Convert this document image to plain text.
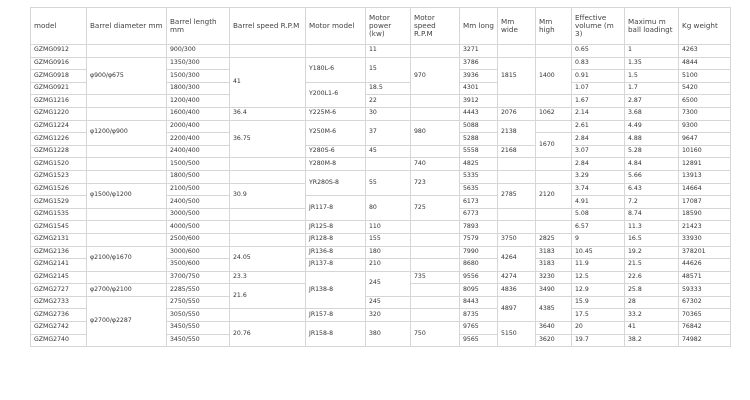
model	Barrel diameter mm	Barrel length mm	Barrel speed R.P.M	Motor model	Motor power (kw)	Motor speed R.P.M	Mm long	Mm wide	Mm high	Effective volume (m 3)	Maximu m ball loadingt	Kg weight
GZMG0912		900/300			11		3271			0.65	1	4263
GZMG0916	φ900/φ675	1350/300	41	Y180L-6	15	970	3786	1815	1400	0.83	1.35	4844
GZMG0918		1500/300					3936			0.91	1.5	5100
GZMG0921		1800/300		Y200L1-6	18.5		4301			1.07	1.7	5420
GZMG1216		1200/400			22		3912			1.67	2.87	6500
GZMG1220		1600/400	36.4	Y225M-6	30		4443	2076	1062	2.14	3.68	7300
GZMG1224	φ1200/φ900	2000/400	36.75	Y250M-6	37	980	5088	2138		2.61	4.49	9300
GZMG1226		2200/400					5288		1670	2.84	4.88	9647
GZMG1228		2400/400		Y280S-6	45		5558	2168		3.07	5.28	10160
GZMG1520		1500/500		Y280M-8		740	4825			2.84	4.84	12891
GZMG1523		1800/500		YR280S-8	55	723	5335			3.29	5.66	13913
GZMG1526	φ1500/φ1200	2100/500	30.9				5635	2785	2120	3.74	6.43	14664
GZMG1529		2400/500		JR117-8	80	725	6173			4.91	7.2	17087
GZMG1535		3000/500					6773			5.08	8.74	18590
GZMG1545		4000/500		JR125-8	110		7893			6.57	11.3	21423
GZMG2131		2500/600		JR128-8	155		7579	3750	2825	9	16.5	33930
GZMG2136	φ2100/φ1670	3000/600	24.05	JR136-8	180		7990	4264	3183	10.45	19.2	378201
GZMG2141		3500/600		JR137-8	210		8680		3183	11.9	21.5	44626
GZMG2145		3700/750	23.3	JR138-8	245	735	9556	4274	3230	12.5	22.6	48571
GZMG2727	φ2700/φ2100	2285/550	21.6				8095	4836	3490	12.9	25.8	59333
GZMG2733	φ2700/φ2287	2750/550			245		8443	4897	4385	15.9	28	67302
GZMG2736		3050/550		JR157-8	320		8735			17.5	33.2	70365
GZMG2742		3450/550	20.76	JR158-8	380	750	9765	5150	3640	20	41	76842
GZMG2740		3450/550					9565		3620	19.7	38.2	74982
